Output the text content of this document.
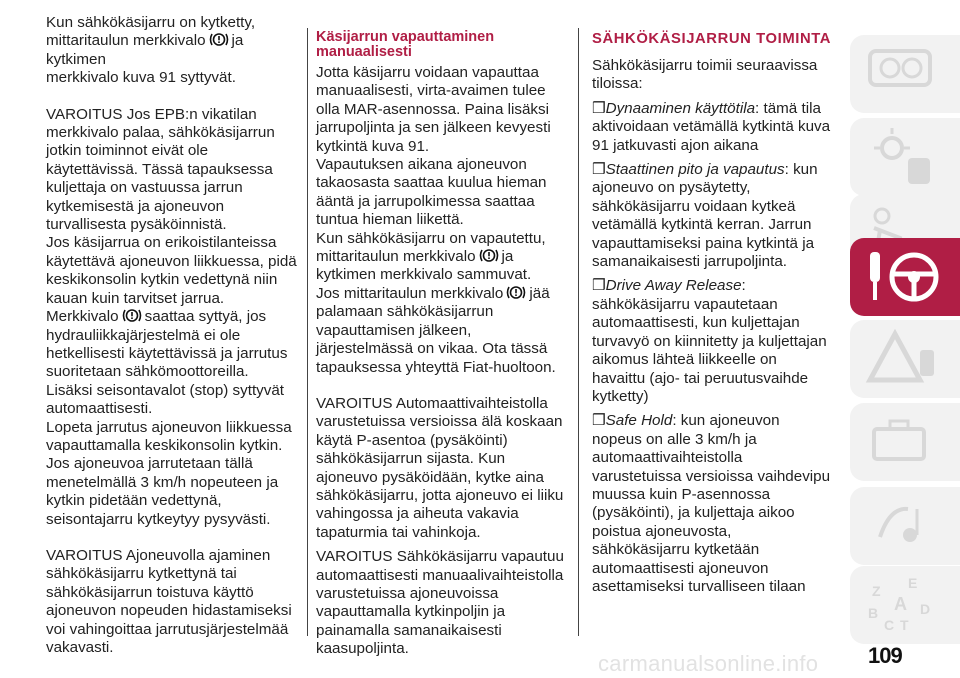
Kun sähkökäsijarru on kytketty,

mittaritaulun merkkivalo ja kytkimen

merkkivalo kuva 91 syttyvät.

VAROITUS Jos EPB:n vikatilan merkkivalo palaa, sähkökäsijarrun jotkin toiminnot eivät ole käytettävissä. Tässä tapauksessa kuljettaja on vastuussa jarrun kytkemisestä ja ajoneuvon turvallisesta pysäköinnistä.

Jos käsijarrua on erikoistilanteissa käytettävä ajoneuvon liikkuessa, pidä keskikonsolin kytkin vedettynä niin kauan kuin tarvitset jarrua.

Merkkivalo saattaa syttyä, jos hydrauliikkajärjestelmä ei ole hetkellisesti käytettävissä ja jarrutus suoritetaan sähkömoottoreilla.

Lisäksi seisontavalot (stop) syttyvät automaattisesti.

Lopeta jarrutus ajoneuvon liikkuessa vapauttamalla keskikonsolin kytkin.

Jos ajoneuvoa jarrutetaan tällä menetelmällä 3 km/h nopeuteen ja kytkin pidetään vedettynä, seisontajarru kytkeytyy pysyvästi.

VAROITUS Ajoneuvolla ajaminen sähkökäsijarru kytkettynä tai sähkökäsijarrun toistuva käyttö ajoneuvon nopeuden hidastamiseksi voi vahingoittaa jarrutusjärjestelmää vakavasti.

Käsijarrun vapauttaminen manuaalisesti

Jotta käsijarru voidaan vapauttaa manuaalisesti, virta-avaimen tulee olla MAR-asennossa. Paina lisäksi jarrupoljinta ja sen jälkeen kevyesti kytkintä kuva 91.

Vapautuksen aikana ajoneuvon takaosasta saattaa kuulua hieman ääntä ja jarrupolkimessa saattaa tuntua hieman liikettä.

Kun sähkökäsijarru on vapautettu, mittaritaulun merkkivalo ja kytkimen merkkivalo sammuvat.

Jos mittaritaulun merkkivalo jää palamaan sähkökäsijarrun vapauttamisen jälkeen, järjestelmässä on vikaa. Ota tässä tapauksessa yhteyttä Fiat-huoltoon.

VAROITUS Automaattivaihteistolla varustetuissa versioissa älä koskaan käytä P-asentoa (pysäköinti) sähkökäsijarrun sijasta. Kun ajoneuvo pysäköidään, kytke aina sähkökäsijarru, jotta ajoneuvo ei liiku vahingossa ja aiheuta vakavia tapaturmia tai vahinkoja.

VAROITUS Sähkökäsijarru vapautuu automaattisesti manuaalivaihteistolla varustetuissa ajoneuvoissa vapauttamalla kytkinpoljin ja painamalla samanaikaisesti kaasupoljinta.

SÄHKÖKÄSIJARRUN TOIMINTA

Sähkökäsijarru toimii seuraavissa tiloissa:

❒Dynaaminen käyttötila: tämä tila aktivoidaan vetämällä kytkintä kuva 91 jatkuvasti ajon aikana

❒Staattinen pito ja vapautus: kun ajoneuvo on pysäytetty, sähkökäsijarru voidaan kytkeä vetämällä kytkintä kerran. Jarrun vapauttamiseksi paina kytkintä ja samanaikaisesti jarrupoljinta.

❒Drive Away Release: sähkökäsijarru vapautetaan automaattisesti, kun kuljettajan turvavyö on kiinnitetty ja kuljettajan aikomus lähteä liikkeelle on havaittu (ajo- tai peruutusvaihde kytketty)

❒Safe Hold: kun ajoneuvon nopeus on alle 3 km/h ja automaattivaihteistolla varustetuissa versioissa vaihdevipu muussa kuin P-asennossa (pysäköinti), ja kuljettaja aikoo poistua ajoneuvosta, sähkökäsijarru kytketään automaattisesti ajoneuvon asettamiseksi turvalliseen tilaan	Z E
B A
C T
D
carmanualsonline.info 109
